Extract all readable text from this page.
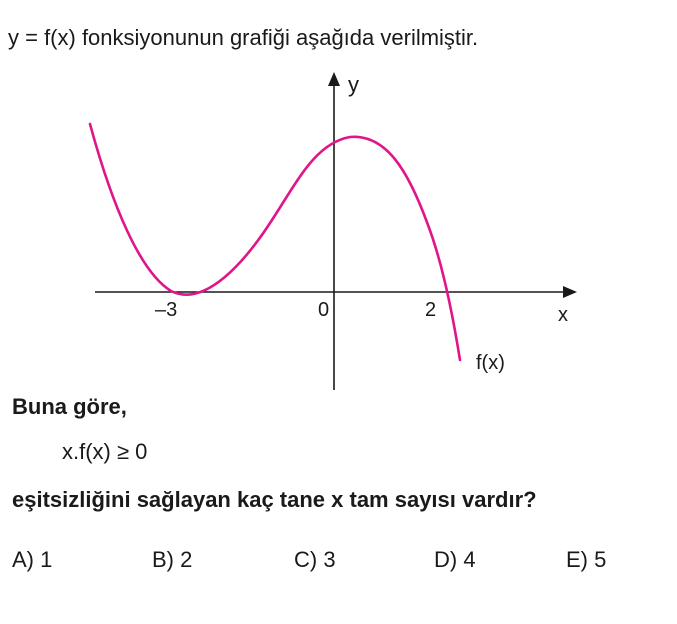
y = f(x) fonksiyonunun grafiği aşağıda verilmiştir.
y
x
–3	0	2
f(x)
Buna göre,
x.f(x) ≥ 0
eşitsizliğini sağlayan kaç tane x tam sayısı vardır?
A) 1	B) 2	C) 3	D) 4	E) 5
